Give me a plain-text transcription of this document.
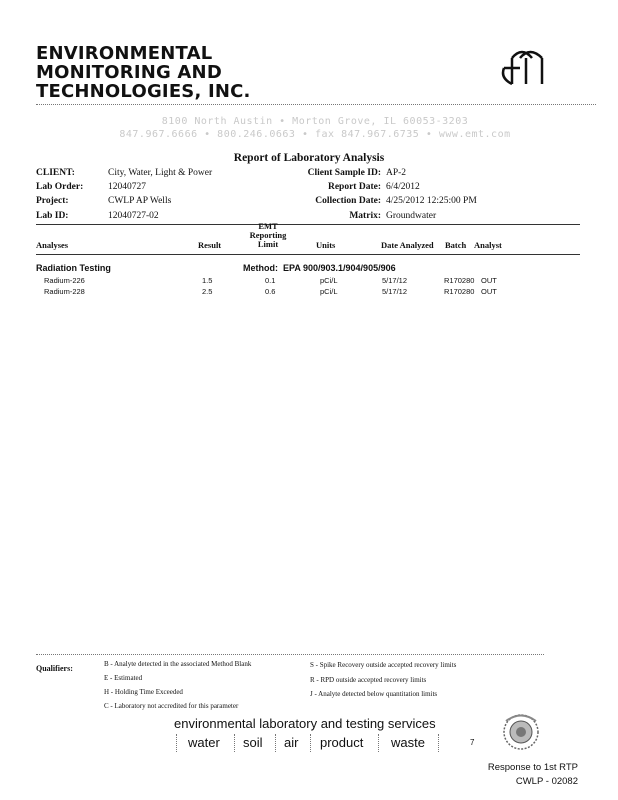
ENVIRONMENTAL
MONITORING AND
TECHNOLOGIES, INC.
8100 North Austin • Morton Grove, IL 60053-3203
847.967.6666 • 800.246.0663 • fax 847.967.6735 • www.emt.com
Report of Laboratory Analysis
CLIENT:	City, Water, Light & Power
Lab Order:	12040727
Project:	CWLP AP Wells
Lab ID:	12040727-02
Client Sample ID: AP-2
Report Date: 6/4/2012
Collection Date: 4/25/2012 12:25:00 PM
Matrix: Groundwater
Analyses	Result
EMT
Reporting
Limit	Units	Date Analyzed Batch Analyst
Radiation Testing	Method: EPA 900/903.1/904/905/906
Radium-226	1.5	0.1	pCi/L	5/17/12	R170280 OUT
Radium-228	2.5	0.6	pCi/L	5/17/12	R170280 OUT
Qualifiers:	B - Analyte detected in the associated Method Blank
E - Estimated
H - Holding Time Exceeded
C - Laboratory not accredited for this parameter
S - Spike Recovery outside accepted recovery limits
R - RPD outside accepted recovery limits
J - Analyte detected below quantitation limits
environmental laboratory and testing services
water soil air product waste	7
Response to 1st RTP
CWLP - 02082
